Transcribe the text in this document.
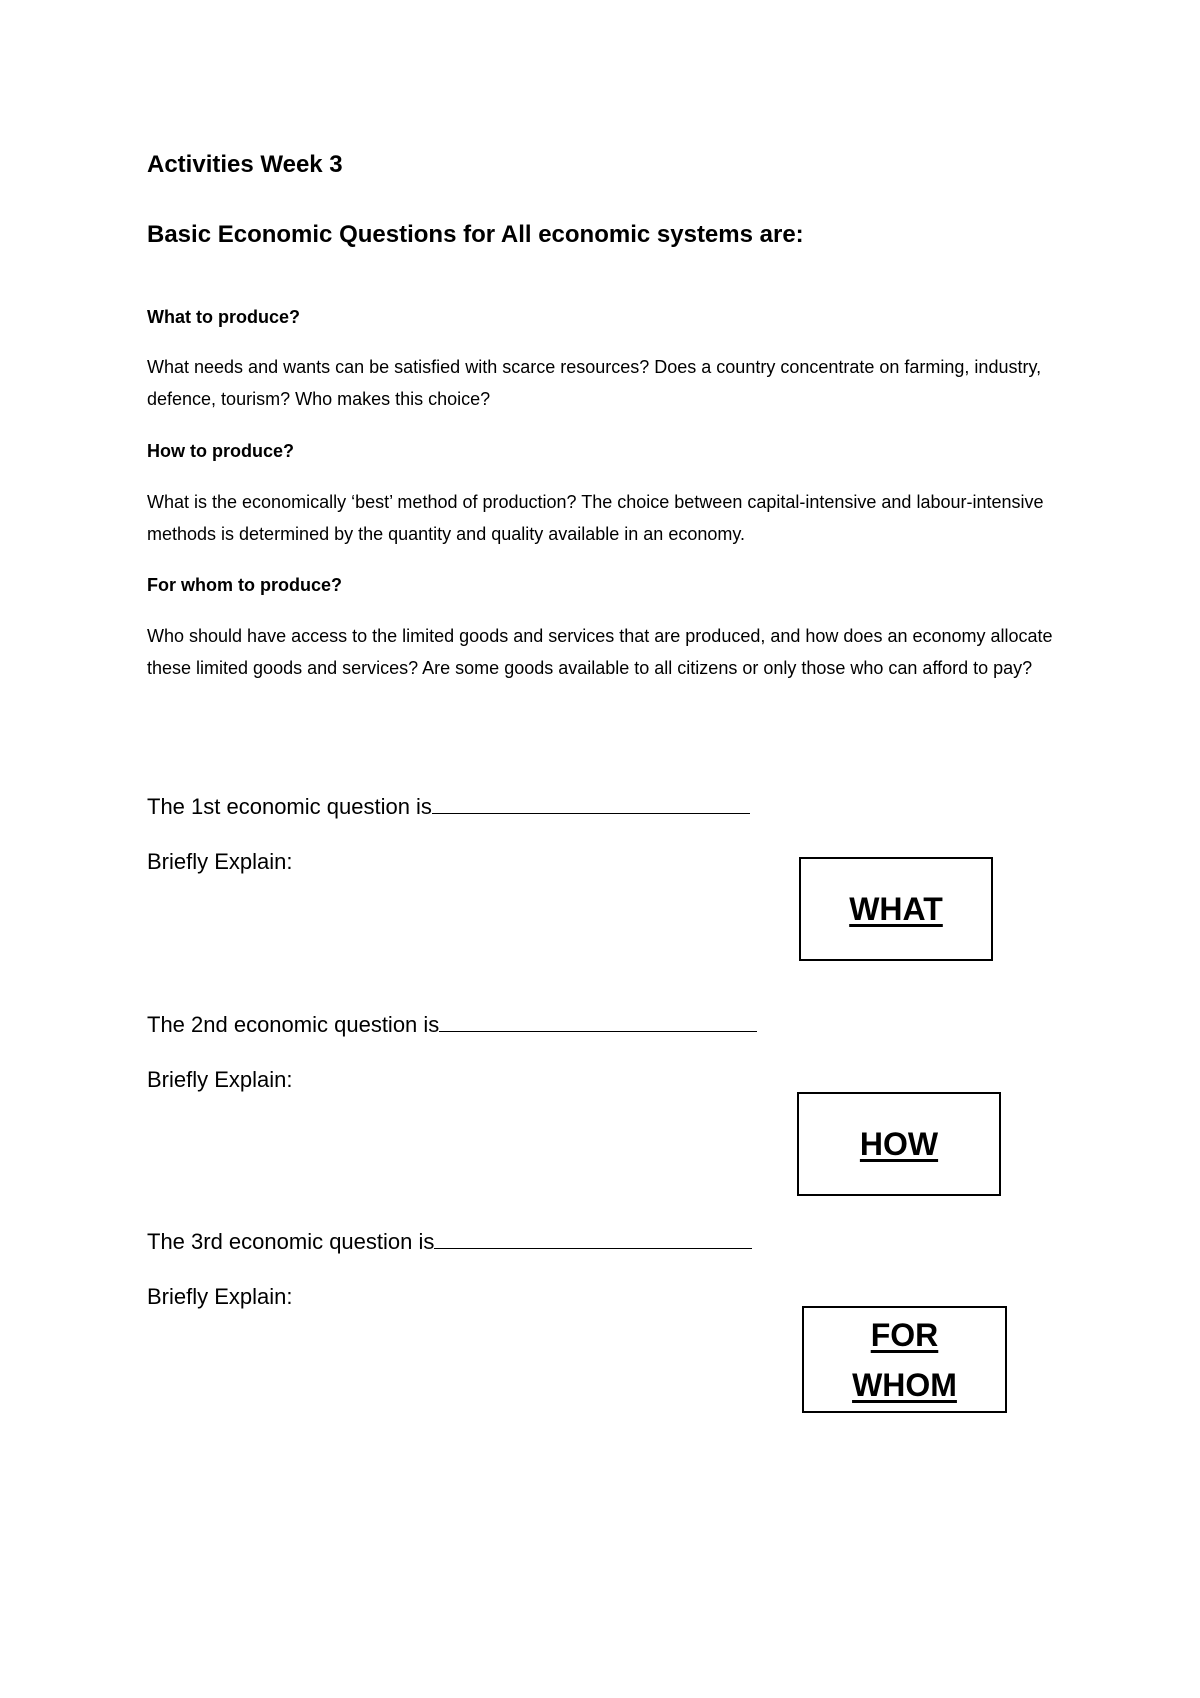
Activities Week 3
Basic Economic Questions for All economic systems are:
What to produce?

What needs and wants can be satisfied with scarce resources? Does a country concentrate on farming, industry, defence, tourism? Who makes this choice?

How to produce?

What is the economically ‘best’ method of production? The choice between capital-intensive and labour-intensive methods is determined by the quantity and quality available in an economy.

For whom to produce?

Who should have access to the limited goods and services that are produced, and how does an economy allocate these limited goods and services? Are some goods available to all citizens or only those who can afford to pay?

The 1st economic question is
Briefly Explain:
WHAT
The 2nd economic question is
Briefly Explain:
HOW
The 3rd economic question is
Briefly Explain:
FOR
WHOM
